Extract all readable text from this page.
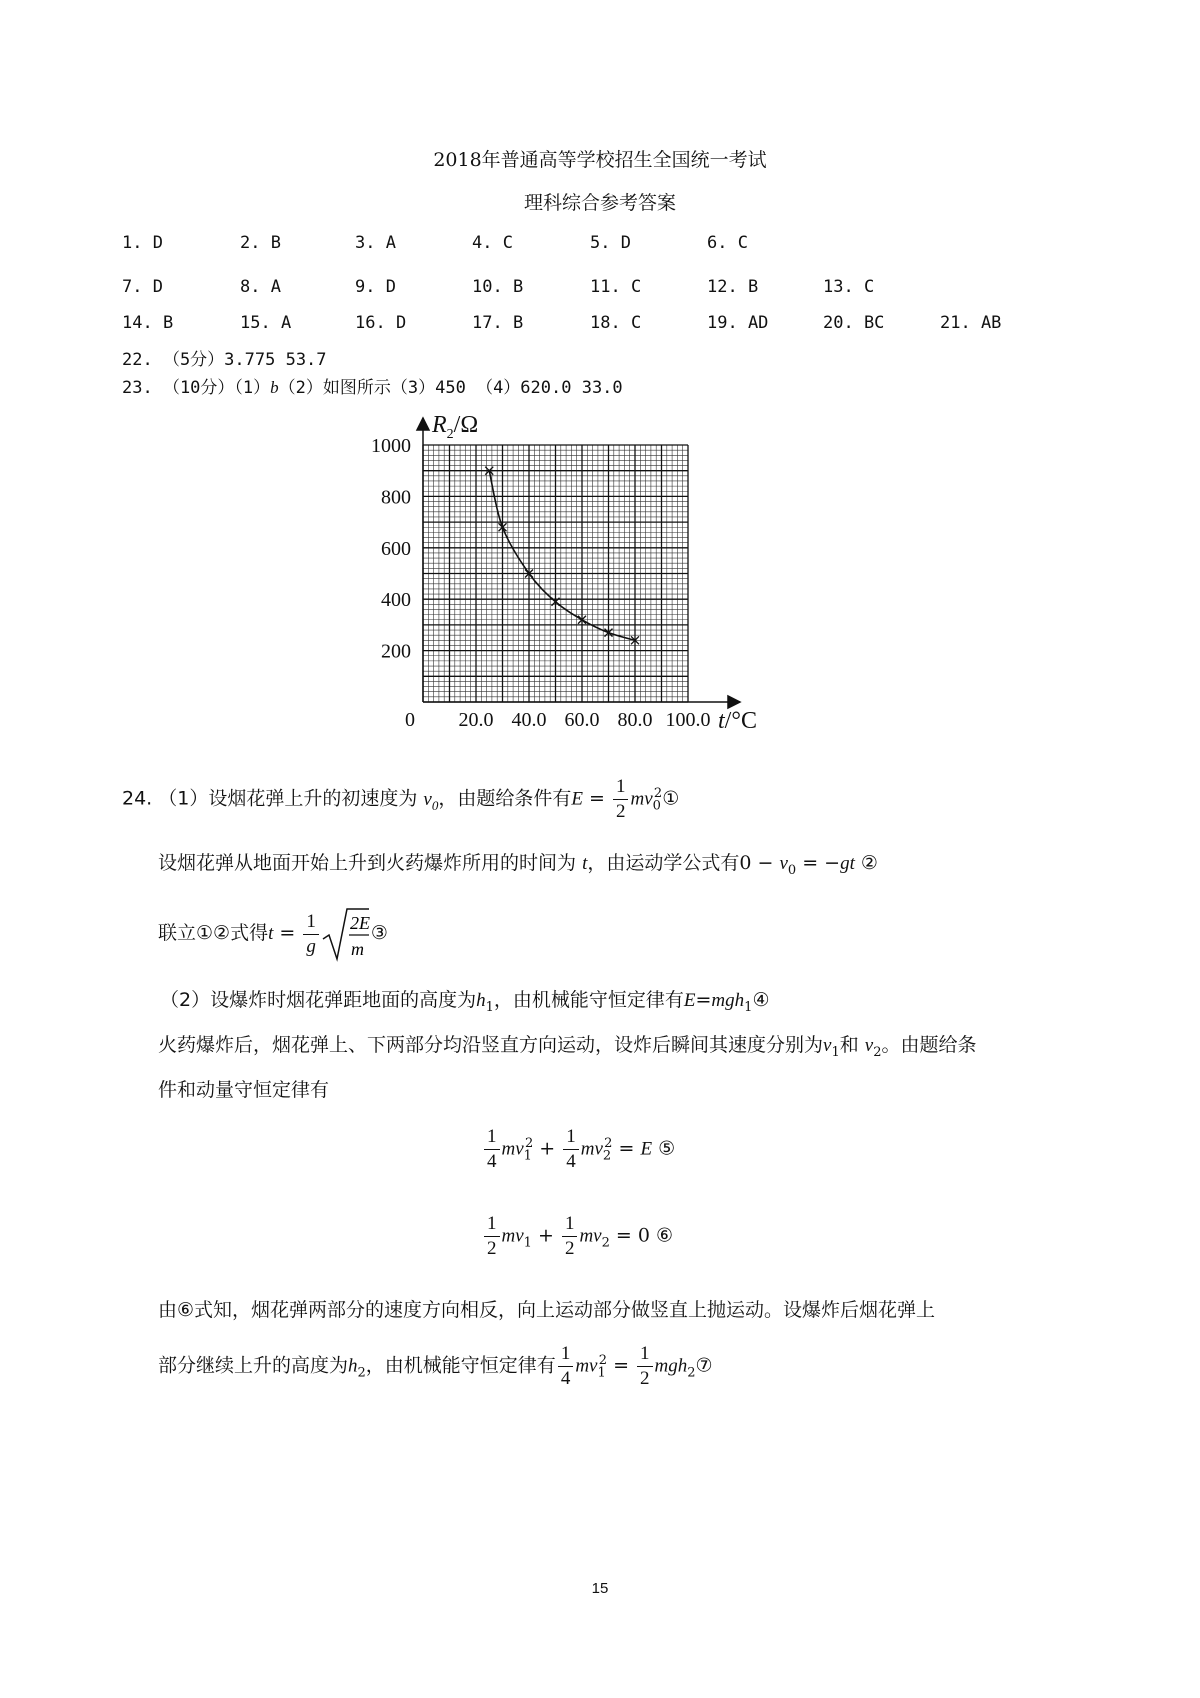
2018年普通高等学校招生全国统一考试
理科综合参考答案
1. D	2. B	3. A	4. C	5. D	6. C
7. D	8. A	9. D	10. B	11. C	12. B	13. C
14. B	15. A	16. D	17. B	18. C	19. AD	20. BC	21. AB
22. （5分）3.775 53.7
23. （10分）（1）b（2）如图所示（3）450 （4）620.0 33.0
20.0 40.0 60.0 80.0 100.0
200
400
600
800
1000
0
$R_2/\Omega$
t/°C
24. （1）设烟花弹上升的初速度为 $v_0$，由题给条件有$E = \frac{1}{2}$ $mv_0^2①$
设烟花弹从地面开始上升到火药爆炸所用的时间为 t，由运动学公式有$0 - v_0 = -gt$ ②
联立①②式得$t = \frac{1}{g} 2E$
m
③
（2）设爆炸时烟花弹距地面的高度为$h_1$，由机械能守恒定律有E=mgh$_1$④
火药爆炸后，烟花弹上、下两部分均沿竖直方向运动，设炸后瞬间其速度分别为$v_1$和 $v_2$。由题给条
件和动量守恒定律有
$\frac{1}{4} mv_1^2 + \frac{1}{4} mv_2^2 = E$ ⑤
$\frac{1}{2} mv_1 + \frac{1}{2} mv_2 = 0$ ⑥
由⑥式知，烟花弹两部分的速度方向相反，向上运动部分做竖直上抛运动。设爆炸后烟花弹上
部分继续上升的高度为$h_2$，由机械能守恒定律有 $\frac{1}{4} mv_1^2 = \frac{1}{2}$ mgh$_2$⑦
15
